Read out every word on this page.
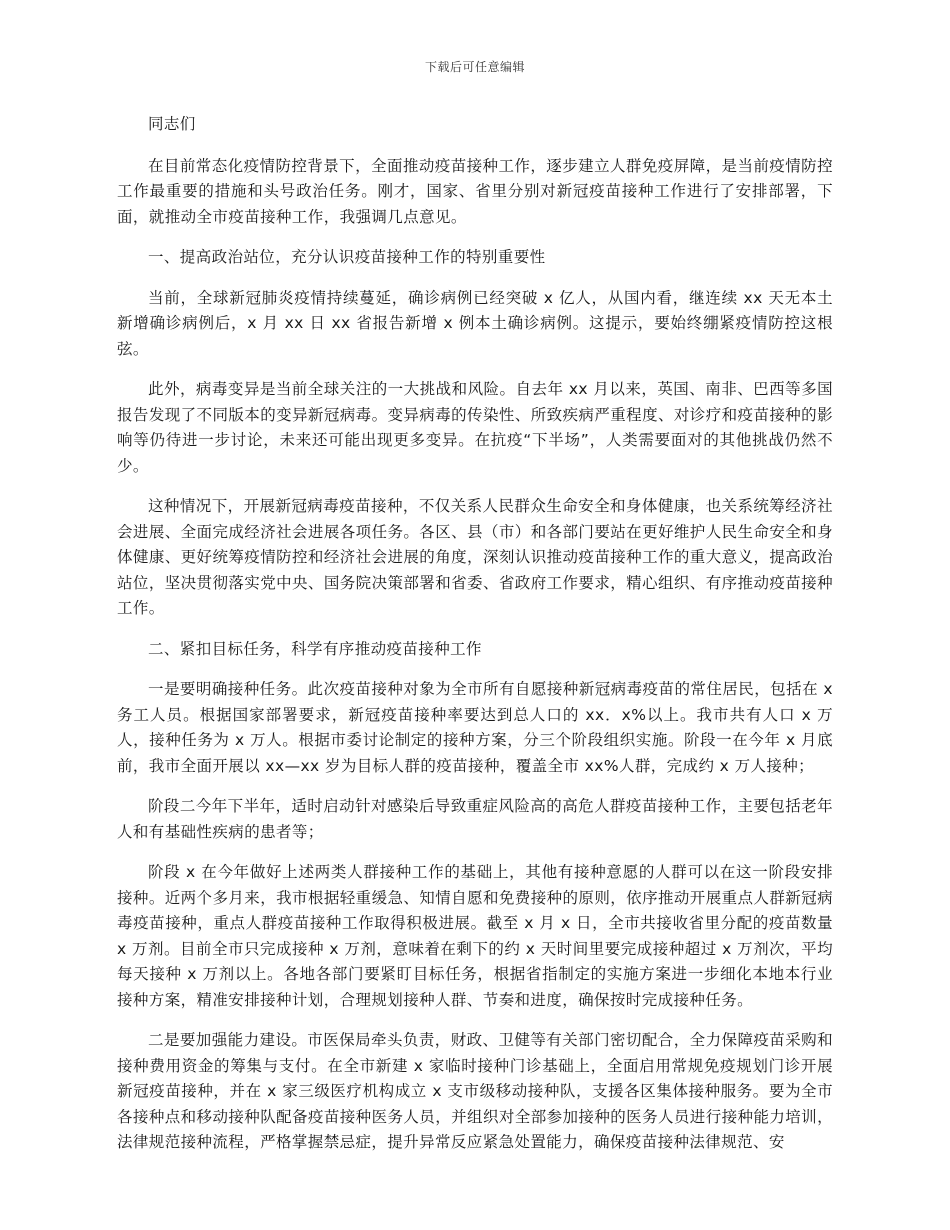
下载后可任意编辑

同志们

在目前常态化疫情防控背景下，全面推动疫苗接种工作，逐步建立人群免疫屏障，是当前疫情防控工作最重要的措施和头号政治任务。刚才，国家、省里分别对新冠疫苗接种工作进行了安排部署，下面，就推动全市疫苗接种工作，我强调几点意见。

一、提高政治站位，充分认识疫苗接种工作的特别重要性

当前，全球新冠肺炎疫情持续蔓延，确诊病例已经突破 x 亿人，从国内看，继连续 xx 天无本土新增确诊病例后，x 月 xx 日 xx 省报告新增 x 例本土确诊病例。这提示，要始终绷紧疫情防控这根弦。

此外，病毒变异是当前全球关注的一大挑战和风险。自去年 xx 月以来，英国、南非、巴西等多国报告发现了不同版本的变异新冠病毒。变异病毒的传染性、所致疾病严重程度、对诊疗和疫苗接种的影响等仍待进一步讨论，未来还可能出现更多变异。在抗疫“下半场”，人类需要面对的其他挑战仍然不少。

这种情况下，开展新冠病毒疫苗接种，不仅关系人民群众生命安全和身体健康，也关系统筹经济社会进展、全面完成经济社会进展各项任务。各区、县（市）和各部门要站在更好维护人民生命安全和身体健康、更好统筹疫情防控和经济社会进展的角度，深刻认识推动疫苗接种工作的重大意义，提高政治站位，坚决贯彻落实党中央、国务院决策部署和省委、省政府工作要求，精心组织、有序推动疫苗接种工作。

二、紧扣目标任务，科学有序推动疫苗接种工作

一是要明确接种任务。此次疫苗接种对象为全市所有自愿接种新冠病毒疫苗的常住居民，包括在 x 务工人员。根据国家部署要求，新冠疫苗接种率要达到总人口的 xx．x%以上。我市共有人口 x 万人，接种任务为 x 万人。根据市委讨论制定的接种方案，分三个阶段组织实施。阶段一在今年 x 月底前，我市全面开展以 xx—xx 岁为目标人群的疫苗接种，覆盖全市 xx%人群，完成约 x 万人接种；

阶段二今年下半年，适时启动针对感染后导致重症风险高的高危人群疫苗接种工作，主要包括老年人和有基础性疾病的患者等；

阶段 x 在今年做好上述两类人群接种工作的基础上，其他有接种意愿的人群可以在这一阶段安排接种。近两个多月来，我市根据轻重缓急、知情自愿和免费接种的原则，依序推动开展重点人群新冠病毒疫苗接种，重点人群疫苗接种工作取得积极进展。截至 x 月 x 日，全市共接收省里分配的疫苗数量 x 万剂。目前全市只完成接种 x 万剂，意味着在剩下的约 x 天时间里要完成接种超过 x 万剂次，平均每天接种 x 万剂以上。各地各部门要紧盯目标任务，根据省指制定的实施方案进一步细化本地本行业接种方案，精准安排接种计划，合理规划接种人群、节奏和进度，确保按时完成接种任务。

二是要加强能力建设。市医保局牵头负责，财政、卫健等有关部门密切配合，全力保障疫苗采购和接种费用资金的筹集与支付。在全市新建 x 家临时接种门诊基础上，全面启用常规免疫规划门诊开展新冠疫苗接种，并在 x 家三级医疗机构成立 x 支市级移动接种队，支援各区集体接种服务。要为全市各接种点和移动接种队配备疫苗接种医务人员，并组织对全部参加接种的医务人员进行接种能力培训，法律规范接种流程，严格掌握禁忌症，提升异常反应紧急处置能力，确保疫苗接种法律规范、安
